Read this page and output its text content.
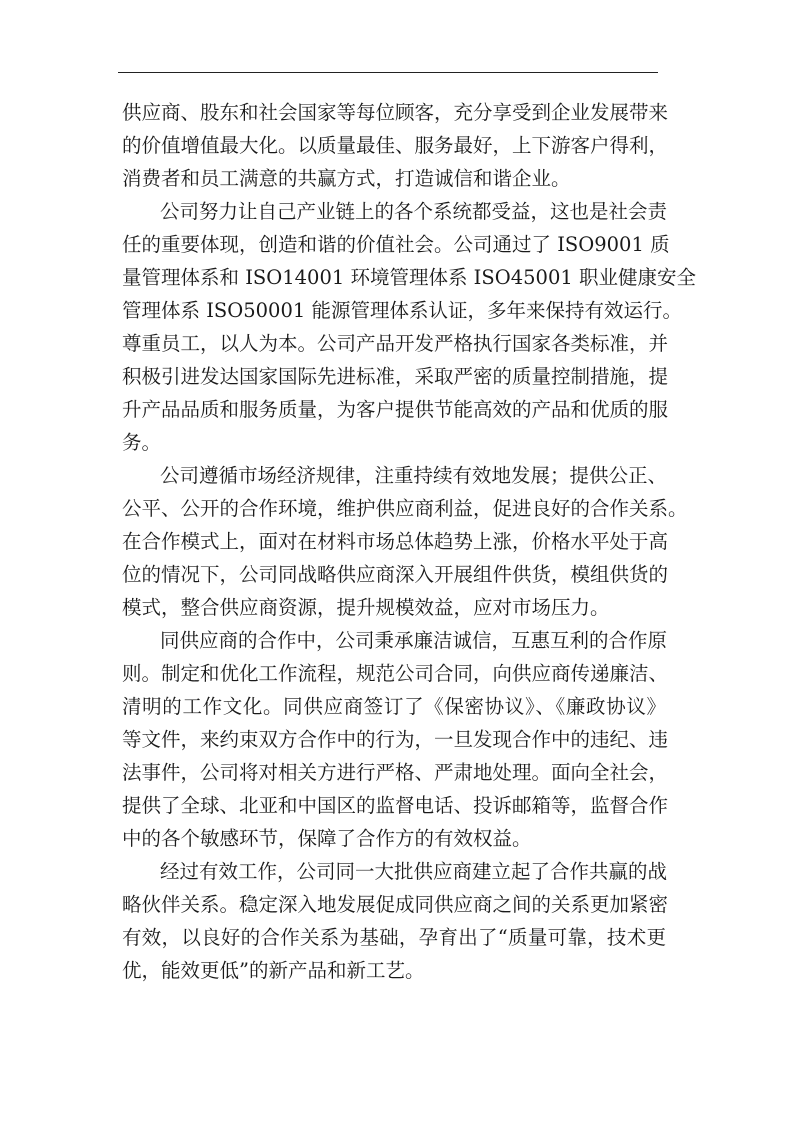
供应商、股东和社会国家等每位顾客，充分享受到企业发展带来
的价值增值最大化。以质量最佳、服务最好，上下游客户得利，
消费者和员工满意的共赢方式，打造诚信和谐企业。
公司努力让自己产业链上的各个系统都受益，这也是社会责
任的重要体现，创造和谐的价值社会。公司通过了 ISO9001 质
量管理体系和 ISO14001 环境管理体系 ISO45001 职业健康安全
管理体系 ISO50001 能源管理体系认证，多年来保持有效运行。
尊重员工，以人为本。公司产品开发严格执行国家各类标准，并
积极引进发达国家国际先进标准，采取严密的质量控制措施，提
升产品品质和服务质量，为客户提供节能高效的产品和优质的服
务。
公司遵循市场经济规律，注重持续有效地发展；提供公正、
公平、公开的合作环境，维护供应商利益，促进良好的合作关系。
在合作模式上，面对在材料市场总体趋势上涨，价格水平处于高
位的情况下，公司同战略供应商深入开展组件供货，模组供货的
模式，整合供应商资源，提升规模效益，应对市场压力。
同供应商的合作中，公司秉承廉洁诚信，互惠互利的合作原
则。制定和优化工作流程，规范公司合同，向供应商传递廉洁、
清明的工作文化。同供应商签订了《保密协议》、《廉政协议》
等文件，来约束双方合作中的行为，一旦发现合作中的违纪、违
法事件，公司将对相关方进行严格、严肃地处理。面向全社会，
提供了全球、北亚和中国区的监督电话、投诉邮箱等，监督合作
中的各个敏感环节，保障了合作方的有效权益。
经过有效工作，公司同一大批供应商建立起了合作共赢的战
略伙伴关系。稳定深入地发展促成同供应商之间的关系更加紧密
有效，以良好的合作关系为基础，孕育出了“质量可靠，技术更
优，能效更低”的新产品和新工艺。
